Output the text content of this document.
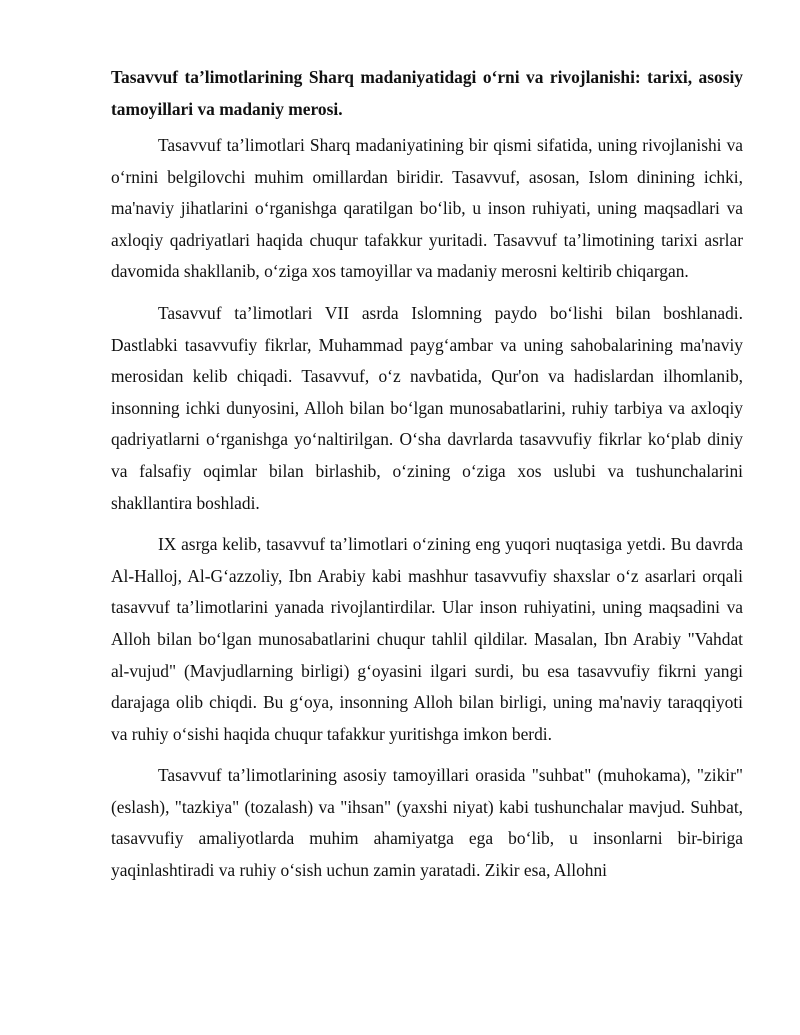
Tasavvuf ta’limotlarining Sharq madaniyatidagi o‘rni va rivojlanishi: tarixi, asosiy tamoyillari va madaniy merosi.

Tasavvuf ta’limotlari Sharq madaniyatining bir qismi sifatida, uning rivojlanishi va o‘rnini belgilovchi muhim omillardan biridir. Tasavvuf, asosan, Islom dinining ichki, ma'naviy jihatlarini o‘rganishga qaratilgan bo‘lib, u inson ruhiyati, uning maqsadlari va axloqiy qadriyatlari haqida chuqur tafakkur yuritadi. Tasavvuf ta’limotining tarixi asrlar davomida shakllanib, o‘ziga xos tamoyillar va madaniy merosni keltirib chiqargan.

Tasavvuf ta’limotlari VII asrda Islomning paydo bo‘lishi bilan boshlanadi. Dastlabki tasavvufiy fikrlar, Muhammad payg‘ambar va uning sahobalarining ma'naviy merosidan kelib chiqadi. Tasavvuf, o‘z navbatida, Qur'on va hadislardan ilhomlanib, insonning ichki dunyosini, Alloh bilan bo‘lgan munosabatlarini, ruhiy tarbiya va axloqiy qadriyatlarni o‘rganishga yo‘naltirilgan. O‘sha davrlarda tasavvufiy fikrlar ko‘plab diniy va falsafiy oqimlar bilan birlashib, o‘zining o‘ziga xos uslubi va tushunchalarini shakllantira boshladi.

IX asrga kelib, tasavvuf ta’limotlari o‘zining eng yuqori nuqtasiga yetdi. Bu davrda Al-Halloj, Al-G‘azzoliy, Ibn Arabiy kabi mashhur tasavvufiy shaxslar o‘z asarlari orqali tasavvuf ta’limotlarini yanada rivojlantirdilar. Ular inson ruhiyatini, uning maqsadini va Alloh bilan bo‘lgan munosabatlarini chuqur tahlil qildilar. Masalan, Ibn Arabiy "Vahdat al-vujud" (Mavjudlarning birligi) g‘oyasini ilgari surdi, bu esa tasavvufiy fikrni yangi darajaga olib chiqdi. Bu g‘oya, insonning Alloh bilan birligi, uning ma'naviy taraqqiyoti va ruhiy o‘sishi haqida chuqur tafakkur yuritishga imkon berdi.

Tasavvuf ta’limotlarining asosiy tamoyillari orasida "suhbat" (muhokama), "zikir" (eslash), "tazkiya" (tozalash) va "ihsan" (yaxshi niyat) kabi tushunchalar mavjud. Suhbat, tasavvufiy amaliyotlarda muhim ahamiyatga ega bo‘lib, u insonlarni bir-biriga yaqinlashtiradi va ruhiy o‘sish uchun zamin yaratadi. Zikir esa, Allohni
